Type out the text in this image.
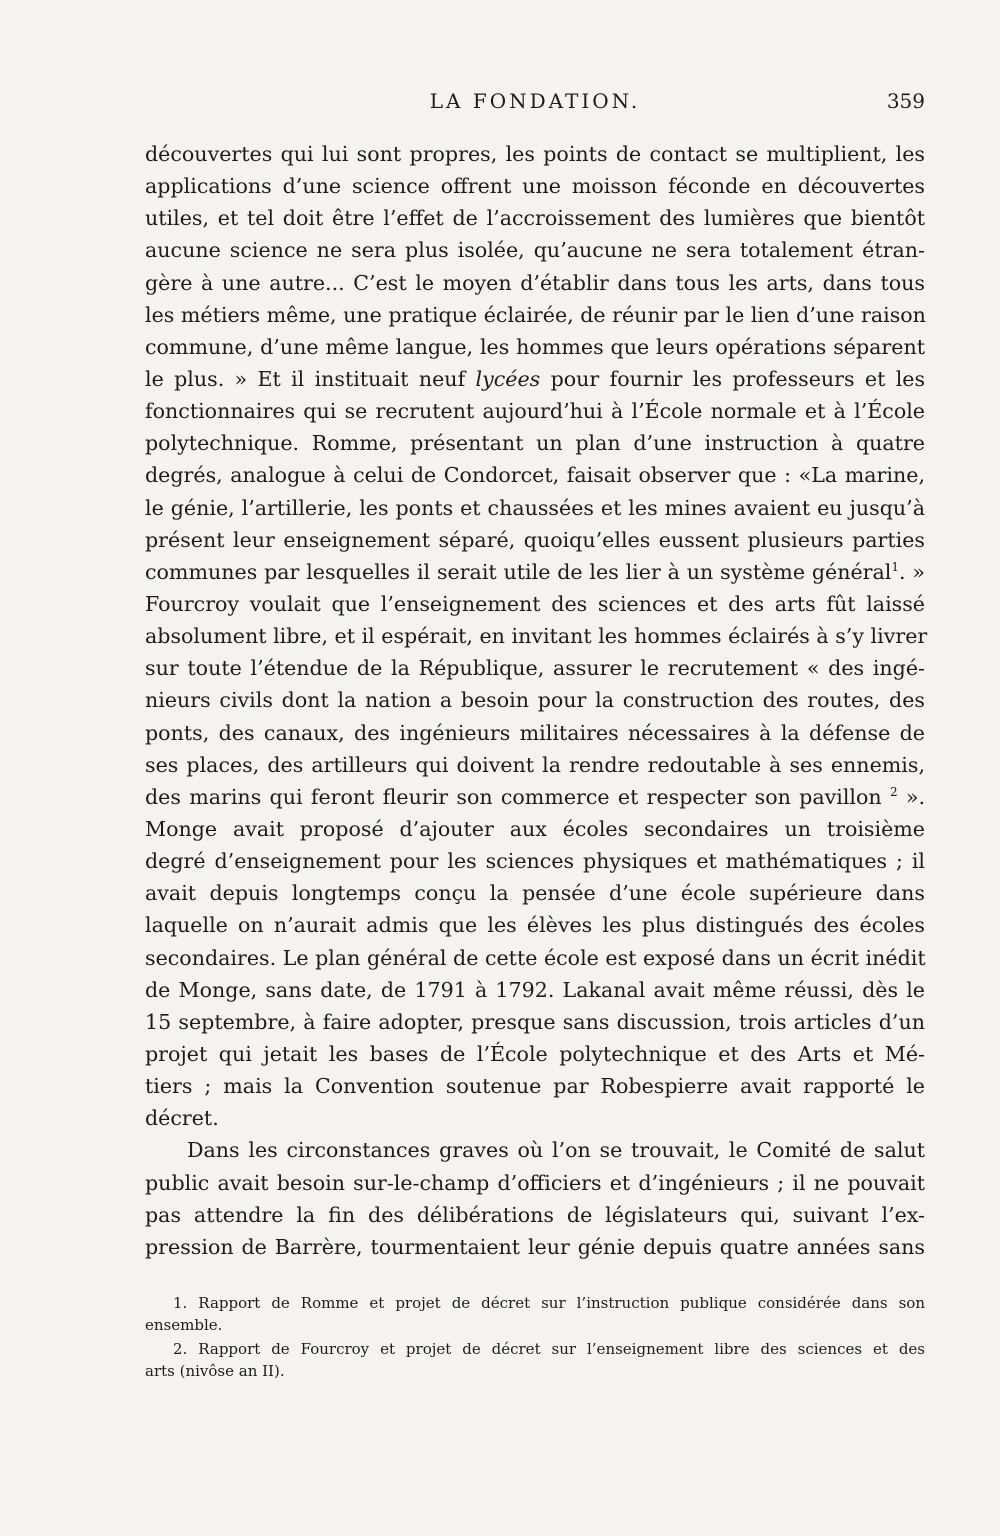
LA FONDATION.	359
découvertes qui lui sont propres, les points de contact se multiplient, les
applications d’une science offrent une moisson féconde en découvertes
utiles, et tel doit être l’effet de l’accroissement des lumières que bientôt
aucune science ne sera plus isolée, qu’aucune ne sera totalement étran-
gère à une autre... C’est le moyen d’établir dans tous les arts, dans tous
les métiers même, une pratique éclairée, de réunir par le lien d’une raison
commune, d’une même langue, les hommes que leurs opérations séparent
le plus. » Et il instituait neuf lycées pour fournir les professeurs et les
fonctionnaires qui se recrutent aujourd’hui à l’École normale et à l’École
polytechnique. Romme, présentant un plan d’une instruction à quatre
degrés, analogue à celui de Condorcet, faisait observer que : «La marine,
le génie, l’artillerie, les ponts et chaussées et les mines avaient eu jusqu’à
présent leur enseignement séparé, quoiqu’elles eussent plusieurs parties
communes par lesquelles il serait utile de les lier à un système général$^1$. »
Fourcroy voulait que l’enseignement des sciences et des arts fût laissé
absolument libre, et il espérait, en invitant les hommes éclairés à s’y livrer
sur toute l’étendue de la République, assurer le recrutement « des ingé-
nieurs civils dont la nation a besoin pour la construction des routes, des
ponts, des canaux, des ingénieurs militaires nécessaires à la défense de
ses places, des artilleurs qui doivent la rendre redoutable à ses ennemis,
des marins qui feront fleurir son commerce et respecter son pavillon $^2$ ».
Monge avait proposé d’ajouter aux écoles secondaires un troisième
degré d’enseignement pour les sciences physiques et mathématiques ; il
avait depuis longtemps conçu la pensée d’une école supérieure dans
laquelle on n’aurait admis que les élèves les plus distingués des écoles
secondaires. Le plan général de cette école est exposé dans un écrit inédit
de Monge, sans date, de 1791 à 1792. Lakanal avait même réussi, dès le
15 septembre, à faire adopter, presque sans discussion, trois articles d’un
projet qui jetait les bases de l’École polytechnique et des Arts et Mé-
tiers ; mais la Convention soutenue par Robespierre avait rapporté le
décret.
Dans les circonstances graves où l’on se trouvait, le Comité de salut
public avait besoin sur-le-champ d’officiers et d’ingénieurs ; il ne pouvait
pas attendre la fin des délibérations de législateurs qui, suivant l’ex-
pression de Barrère, tourmentaient leur génie depuis quatre années sans
1. Rapport de Romme et projet de décret sur l’instruction publique considérée dans son
ensemble.
2. Rapport de Fourcroy et projet de décret sur l’enseignement libre des sciences et des
arts (nivôse an II).
